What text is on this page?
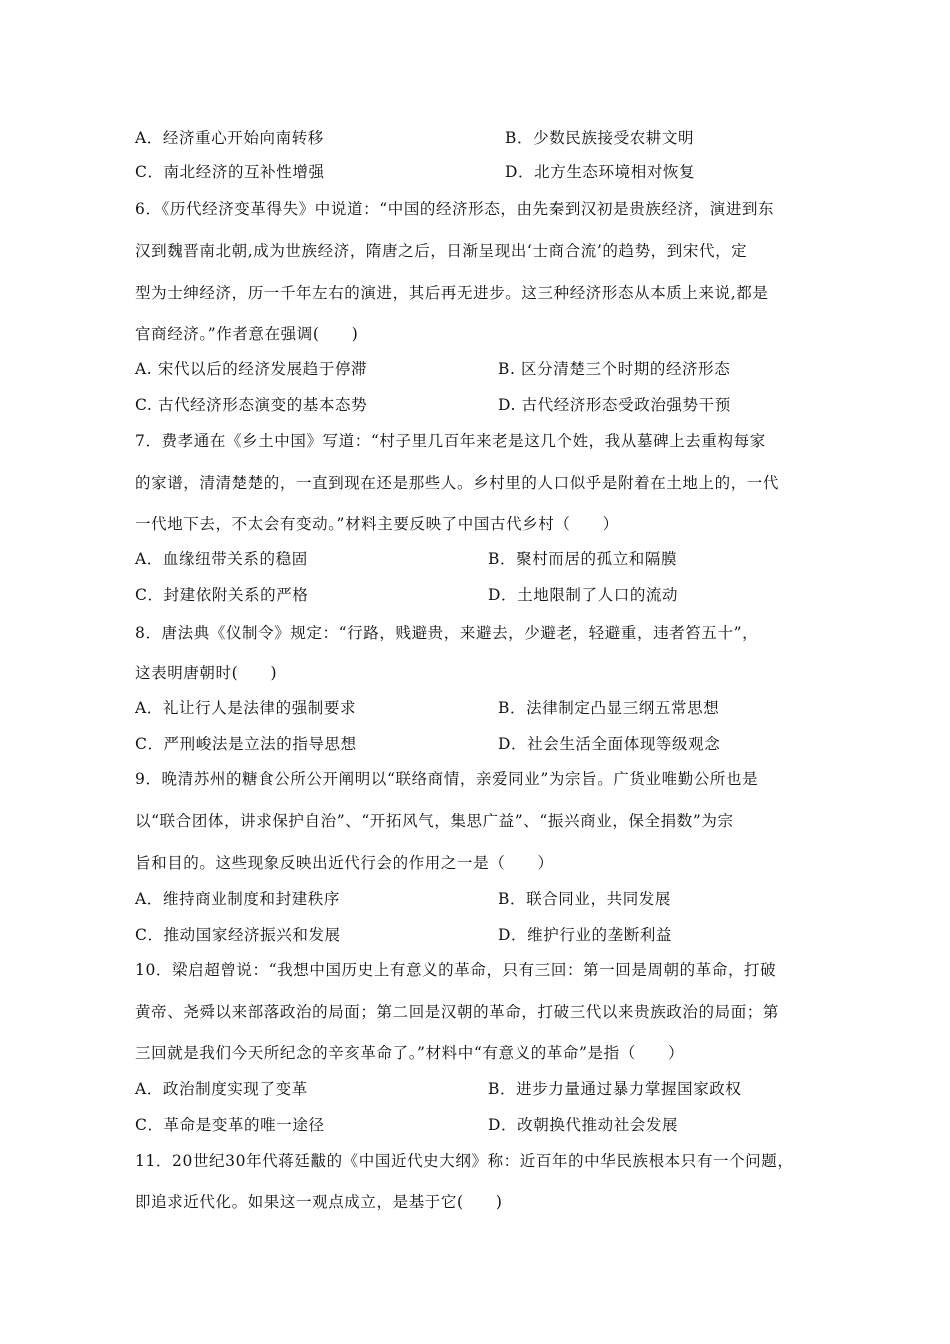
A．经济重心开始向南转移	B．少数民族接受农耕文明
C．南北经济的互补性增强	D．北方生态环境相对恢复
6．《历代经济变革得失》中说道：“中国的经济形态，由先秦到汉初是贵族经济，演进到东
汉到魏晋南北朝,成为世族经济，隋唐之后，日渐呈现出‘士商合流’的趋势，到宋代，定
型为士绅经济，历一千年左右的演进，其后再无进步。这三种经济形态从本质上来说,都是
官商经济。”作者意在强调(　　)
A. 宋代以后的经济发展趋于停滞	B. 区分清楚三个时期的经济形态
C. 古代经济形态演变的基本态势	D. 古代经济形态受政治强势干预
7．费孝通在《乡土中国》写道：“村子里几百年来老是这几个姓，我从墓碑上去重构每家
的家谱，清清楚楚的，一直到现在还是那些人。乡村里的人口似乎是附着在土地上的，一代
一代地下去，不太会有变动。”材料主要反映了中国古代乡村（　　）
A．血缘纽带关系的稳固	B．聚村而居的孤立和隔膜
C．封建依附关系的严格	D．土地限制了人口的流动
8．唐法典《仪制令》规定：“行路，贱避贵，来避去，少避老，轻避重，违者笞五十”，
这表明唐朝时(　　)
A．礼让行人是法律的强制要求	B．法律制定凸显三纲五常思想
C．严刑峻法是立法的指导思想	D．社会生活全面体现等级观念
9．晚清苏州的糖食公所公开阐明以“联络商情，亲爱同业”为宗旨。广货业唯勤公所也是
以“联合团体，讲求保护自治”、“开拓风气，集思广益”、“振兴商业，保全捐数”为宗
旨和目的。这些现象反映出近代行会的作用之一是（　　）
A．维持商业制度和封建秩序	B．联合同业，共同发展
C．推动国家经济振兴和发展	D．维护行业的垄断利益
10．梁启超曾说：“我想中国历史上有意义的革命，只有三回：第一回是周朝的革命，打破
黄帝、尧舜以来部落政治的局面；第二回是汉朝的革命，打破三代以来贵族政治的局面；第
三回就是我们今天所纪念的辛亥革命了。”材料中“有意义的革命”是指（　　）
A．政治制度实现了变革	B．进步力量通过暴力掌握国家政权
C．革命是变革的唯一途径	D．改朝换代推动社会发展
11．20世纪30年代蒋廷黻的《中国近代史大纲》称：近百年的中华民族根本只有一个问题，
即追求近代化。如果这一观点成立，是基于它(　　)
